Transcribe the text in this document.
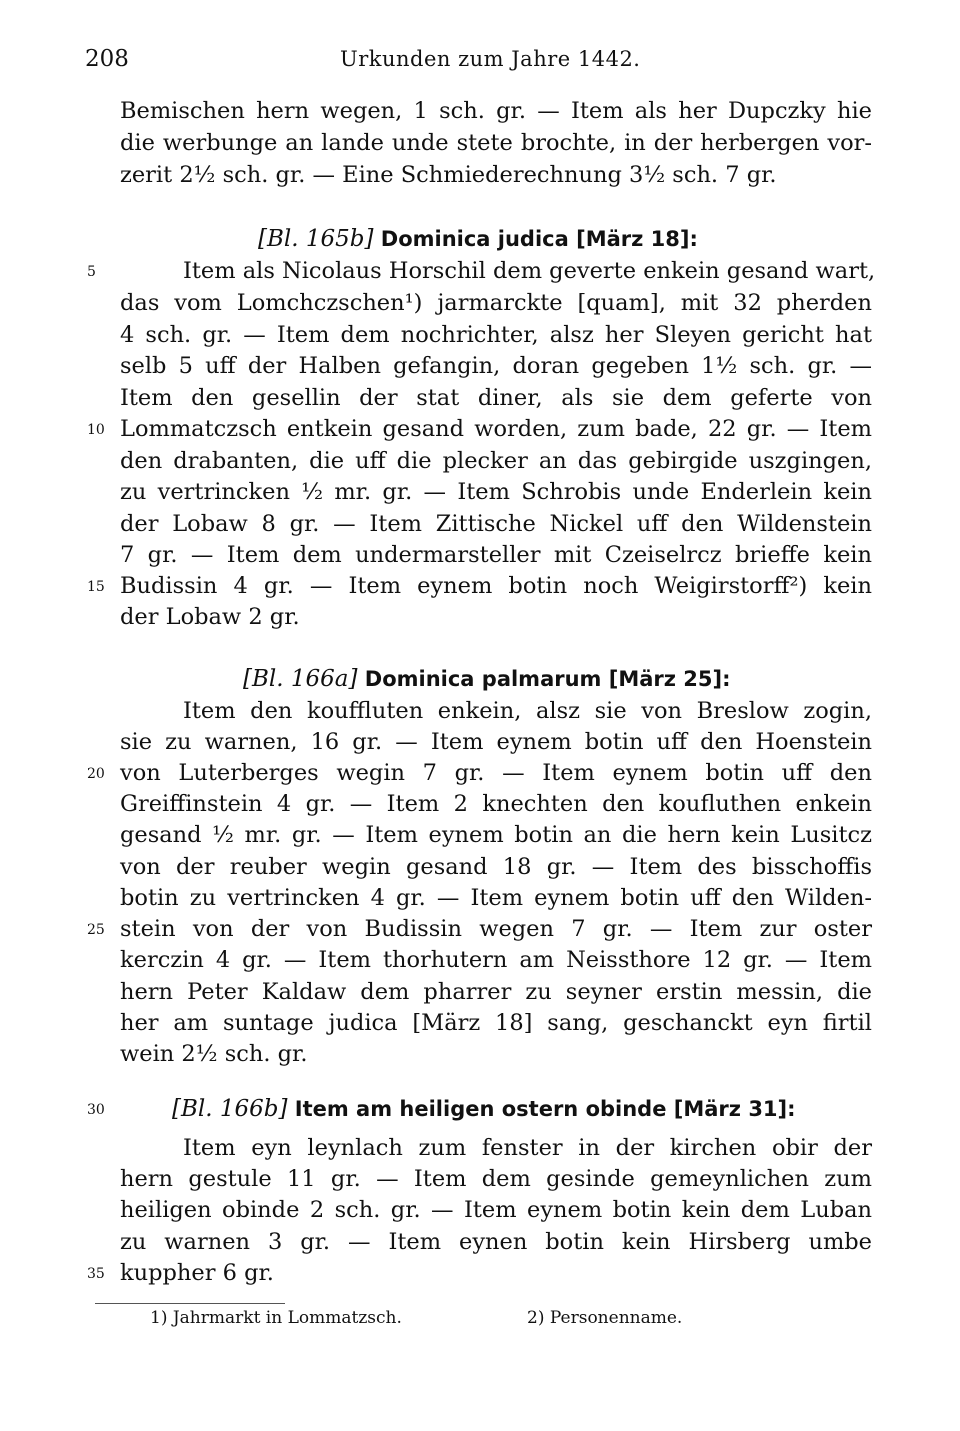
208	Urkunden zum Jahre 1442.
Bemischen hern wegen, 1 sch. gr. — Item als her Dupczky hie
die werbunge an lande unde stete brochte, in der herbergen vor-
zerit 2½ sch. gr. — Eine Schmiederechnung 3½ sch. 7 gr.
[Bl. 165b] Dominica judica [März 18]:
5	Item als Nicolaus Horschil dem geverte enkein gesand wart,
das vom Lomchczschen¹) jarmarckte [quam], mit 32 pherden
4 sch. gr. — Item dem nochrichter, alsz her Sleyen gericht hat
selb 5 uff der Halben gefangin, doran gegeben 1½ sch. gr. —
Item den gesellin der stat diner, als sie dem geferte von
10 Lommatczsch entkein gesand worden, zum bade, 22 gr. — Item
den drabanten, die uff die plecker an das gebirgide uszgingen,
zu vertrincken ½ mr. gr. — Item Schrobis unde Enderlein kein
der Lobaw 8 gr. — Item Zittische Nickel uff den Wildenstein
7 gr. — Item dem undermarsteller mit Czeiselrcz brieffe kein
15 Budissin 4 gr. — Item eynem botin noch Weigirstorff²) kein
der Lobaw 2 gr.
[Bl. 166a] Dominica palmarum [März 25]:
Item den kouffluten enkein, alsz sie von Breslow zogin,
sie zu warnen, 16 gr. — Item eynem botin uff den Hoenstein
20 von Luterberges wegin 7 gr. — Item eynem botin uff den
Greiffinstein 4 gr. — Item 2 knechten den koufluthen enkein
gesand ½ mr. gr. — Item eynem botin an die hern kein Lusitcz
von der reuber wegin gesand 18 gr. — Item des bisschoffis
botin zu vertrincken 4 gr. — Item eynem botin uff den Wilden-
25 stein von der von Budissin wegen 7 gr. — Item zur oster
kerczin 4 gr. — Item thorhutern am Neissthore 12 gr. — Item
hern Peter Kaldaw dem pharrer zu seyner erstin messin, die
her am suntage judica [März 18] sang, geschanckt eyn firtil
wein 2½ sch. gr.
30	[Bl. 166b] Item am heiligen ostern obinde [März 31]:
Item eyn leynlach zum fenster in der kirchen obir der
hern gestule 11 gr. — Item dem gesinde gemeynlichen zum
heiligen obinde 2 sch. gr. — Item eynem botin kein dem Luban
zu warnen 3 gr. — Item eynen botin kein Hirsberg umbe
35 kuppher 6 gr.
1) Jahrmarkt in Lommatzsch.	2) Personenname.
